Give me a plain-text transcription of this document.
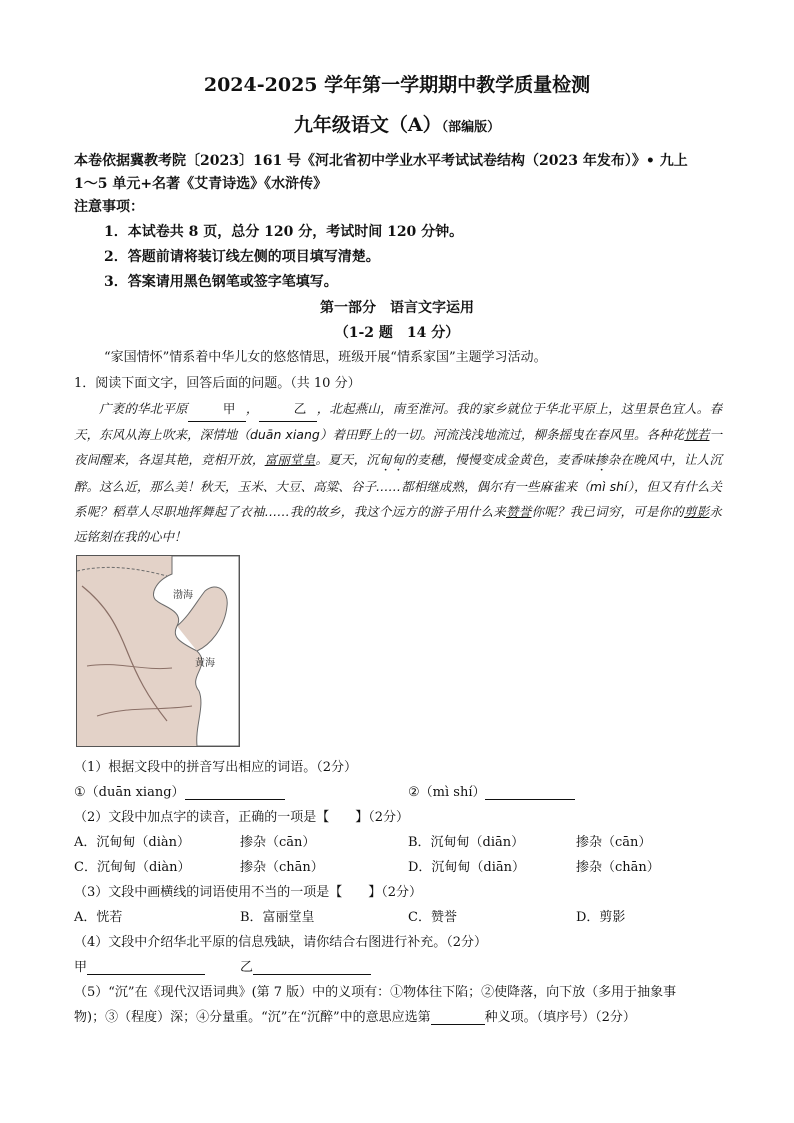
2024-2025 学年第一学期期中教学质量检测
九年级语文（A）（部编版）
本卷依据冀教考院〔2023〕161 号《河北省初中学业水平考试试卷结构（2023 年发布）》• 九上
1～5 单元+名著《艾青诗选》《水浒传》
注意事项：
1．本试卷共 8 页，总分 120 分，考试时间 120 分钟。
2．答题前请将装订线左侧的项目填写清楚。
3．答案请用黑色钢笔或签字笔填写。
第一部分　语言文字运用
（1-2 题　14 分）
“家国情怀”情系着中华儿女的悠悠情思，班级开展“情系家国”主题学习活动。
1．阅读下面文字，回答后面的问题。（共 10 分）

广袤的华北平原	甲 ，	乙 ，北起燕山，南至淮河。我的家乡就位于华北平原上，这里景色宜人。春天，东风从海上吹来，深情地（duān xiang）着田野上的一切。河流浅浅地流过，柳条摇曳在春风里。各种花恍若一夜间醒来，各逞其艳，竞相开放，富丽堂皇。夏天，沉甸甸的麦穗，慢慢变成金黄色，麦香味掺杂在晚风中，让人沉醉。这么近，那么美！秋天，玉米、大豆、高粱、谷子……都相继成熟，偶尔有一些麻雀来（mì shí），但又有什么关系呢？稻草人尽职地挥舞起了衣袖……我的故乡，我这个远方的游子用什么来赞誉你呢？我已词穷，可是你的剪影永远铭刻在我的心中！

渤海
黄海
（1）根据文段中的拼音写出相应的词语。（2分）
①（duān xiang）	②（mì shí）
（2）文段中加点字的读音，正确的一项是【　　】（2分）
A．沉甸甸（diàn）	掺杂（cān）	B．沉甸甸（diān）	掺杂（cān）
C．沉甸甸（diàn）	掺杂（chān）	D．沉甸甸（diān）	掺杂（chān）
（3）文段中画横线的词语使用不当的一项是【　　】（2分）
A．恍若	B．富丽堂皇	C．赞誉	D．剪影
（4）文段中介绍华北平原的信息残缺，请你结合右图进行补充。（2分）
甲	乙
（5）“沉”在《现代汉语词典》(第 7 版）中的义项有：①物体往下陷；②使降落，向下放（多用于抽象事
物)；③（程度）深；④分量重。“沉”在“沉醉”中的意思应选第	种义项。（填序号）（2分）
